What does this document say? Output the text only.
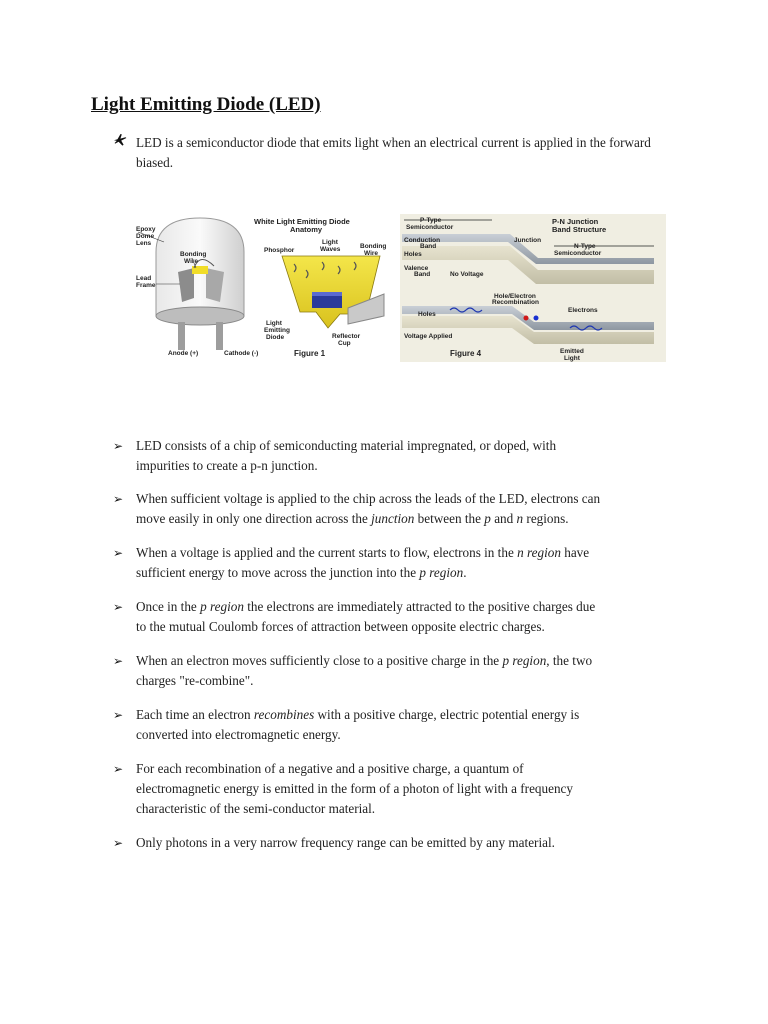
Light Emitting Diode (LED)
LED is a semiconductor diode that emits light when an electrical current is applied in the forward biased.
Epoxy
Dome
Lens
Bonding
Wire
Lead
Frame
Anode (+)	Cathode (-)
White Light Emitting Diode
Anatomy
Phosphor
Light
Waves	Bonding
Wire
Light
Emitting
Diode	Reflector
Cup
Figure 1
P-Type
Semiconductor
P-N Junction
Band Structure
Conduction
Band
Junction
N-Type
Semiconductor
Holes
Valence
Band	No Voltage
Hole/Electron
Recombination
Electrons
Holes
Voltage Applied
Figure 4	Emitted
Light
➢ LED consists of a chip of semiconducting material impregnated, or doped, with
impurities to create a p-n junction.
➢ When sufficient voltage is applied to the chip across the leads of the LED, electrons can
move easily in only one direction across the junction between the p and n regions.
➢ When a voltage is applied and the current starts to flow, electrons in the n region have
sufficient energy to move across the junction into the p region.
➢ Once in the p region the electrons are immediately attracted to the positive charges due
to the mutual Coulomb forces of attraction between opposite electric charges.
➢ When an electron moves sufficiently close to a positive charge in the p region, the two
charges "re-combine".
➢ Each time an electron recombines with a positive charge, electric potential energy is
converted into electromagnetic energy.
➢ For each recombination of a negative and a positive charge, a quantum of
electromagnetic energy is emitted in the form of a photon of light with a frequency
characteristic of the semi-conductor material.
➢ Only photons in a very narrow frequency range can be emitted by any material.
